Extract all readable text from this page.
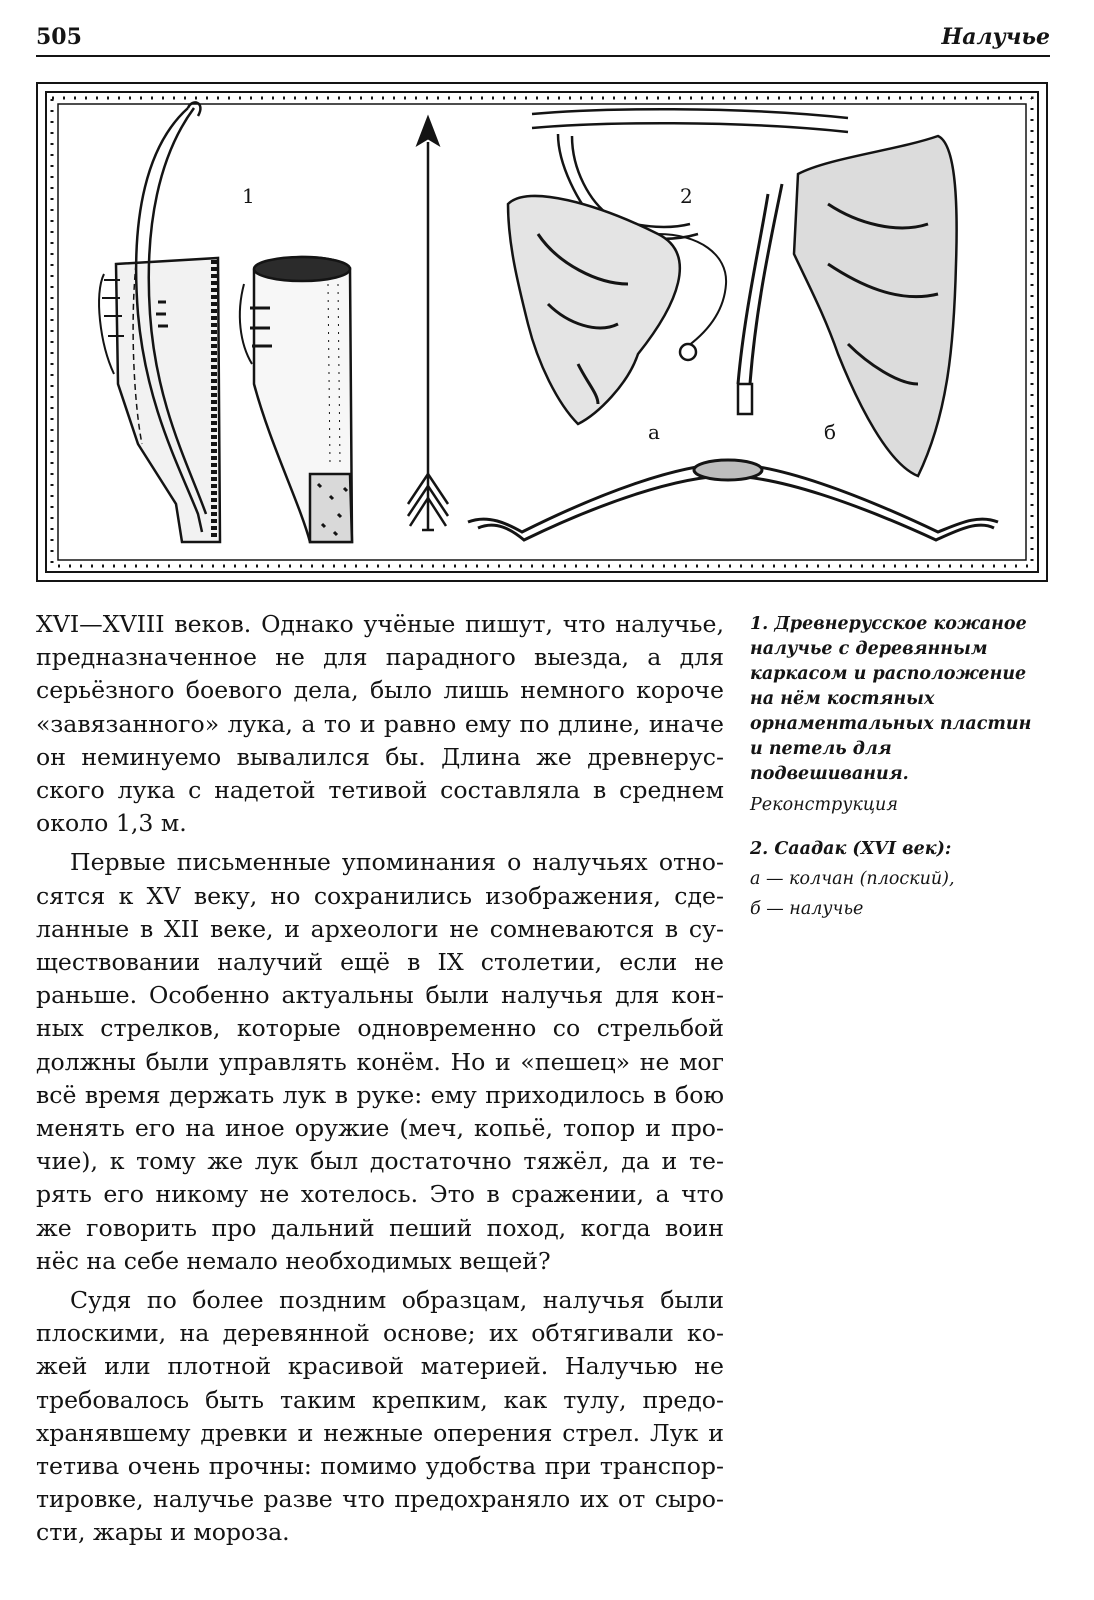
505	Налучье
1	2
а	б

XVI—XVIII веков. Однако учёные пишут, что налучье, предназначенное не для парадного выезда, а для серьёзного боевого дела, было лишь немного короче «завязанного» лука, а то и равно ему по длине, иначе он неминуемо вывалился бы. Длина же древнерусского лука с надетой тетивой составляла в среднем около 1,3 м.

Первые письменные упоминания о налучьях относятся к XV веку, но сохранились изображения, сделанные в XII веке, и археологи не сомневаются в существовании налучий ещё в IX столетии, если не раньше. Особенно актуальны были налучья для конных стрелков, которые одновременно со стрельбой должны были управлять конём. Но и «пешец» не мог всё время держать лук в руке: ему приходилось в бою менять его на иное оружие (меч, копьё, топор и прочие), к тому же лук был достаточно тяжёл, да и терять его никому не хотелось. Это в сражении, а что же говорить про дальний пеший поход, когда воин нёс на себе немало необходимых вещей?

Судя по более поздним образцам, налучья были плоскими, на деревянной основе; их обтягивали кожей или плотной красивой материей. Налучью не требовалось быть таким крепким, как тулу, предохранявшему древки и нежные оперения стрел. Лук и тетива очень прочны: помимо удобства при транспортировке, налучье разве что предохраняло их от сырости, жары и мороза.

1. Древнерусское кожаное налучье с деревянным каркасом и расположение на нём костяных орнаментальных пластин и петель для подвешивания.

Реконструкция

2. Саадак (XVI век):

а — колчан (плоский),

б — налучье
